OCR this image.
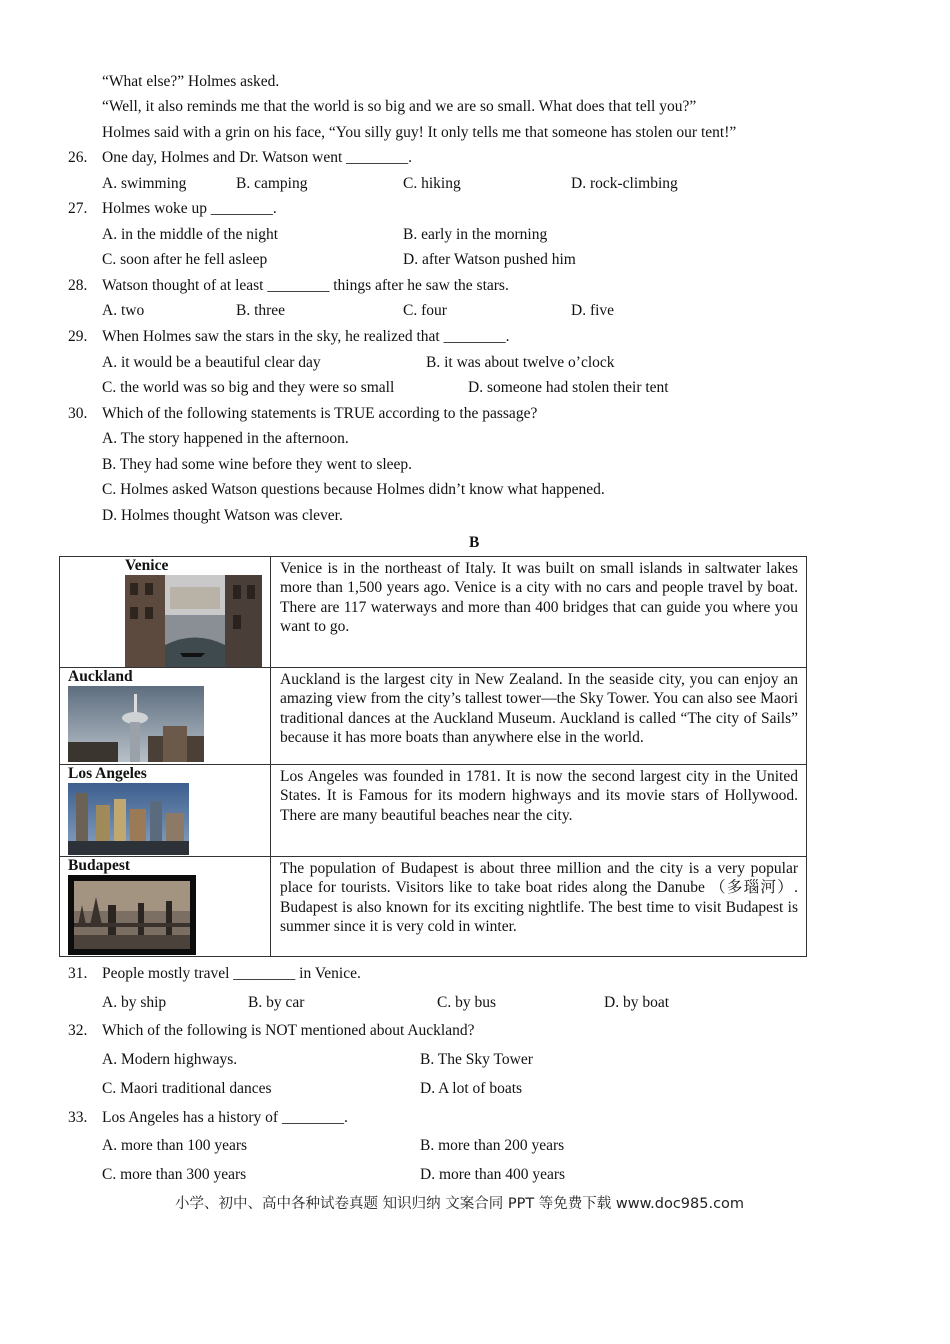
“What else?” Holmes asked.
“Well, it also reminds me that the world is so big and we are so small. What does that tell you?”
Holmes said with a grin on his face, “You silly guy! It only tells me that someone has stolen our tent!”
26. One day, Holmes and Dr. Watson went ________.
A. swimming	B. camping	C. hiking	D. rock-climbing
27. Holmes woke up ________.
A. in the middle of the night	B. early in the morning
C. soon after he fell asleep	D. after Watson pushed him
28. Watson thought of at least ________ things after he saw the stars.
A. two	B. three	C. four	D. five
29. When Holmes saw the stars in the sky, he realized that ________.
A. it would be a beautiful clear day	B. it was about twelve o’clock
C. the world was so big and they were so small	D. someone had stolen their tent
30. Which of the following statements is TRUE according to the passage?
A. The story happened in the afternoon.
B. They had some wine before they went to sleep.
C. Holmes asked Watson questions because Holmes didn’t know what happened.
D. Holmes thought Watson was clever.
B
Venice	Venice is in the northeast of Italy. It was built on small islands in saltwater lakes more than 1,500 years ago. Venice is a city with no cars and people travel by boat. There are 117 waterways and more than 400 bridges that can guide you where you want to go.

Auckland	Auckland is the largest city in New Zealand. In the seaside city, you can enjoy an amazing view from the city’s tallest tower—the Sky Tower. You can also see Maori traditional dances at the Auckland Museum. Auckland is called “The city of Sails” because it has more boats than anywhere else in the world.

Los Angeles	Los Angeles was founded in 1781. It is now the second largest city in the United States. It is Famous for its modern highways and its movie stars of Hollywood. There are many beautiful beaches near the city.

Budapest	The population of Budapest is about three million and the city is a very popular place for tourists. Visitors like to take boat rides along the Danube （多瑙河）. Budapest is also known for its exciting nightlife. The best time to visit Budapest is summer since it is very cold in winter.
31. People mostly travel ________ in Venice.
A. by ship	B. by car	C. by bus	D. by boat
32. Which of the following is NOT mentioned about Auckland?
A. Modern highways.	B. The Sky Tower
C. Maori traditional dances	D. A lot of boats
33. Los Angeles has a history of ________.
A. more than 100 years	B. more than 200 years
C. more than 300 years	D. more than 400 years
小学、初中、高中各种试卷真题 知识归纳 文案合同 PPT 等免费下载 www.doc985.com
